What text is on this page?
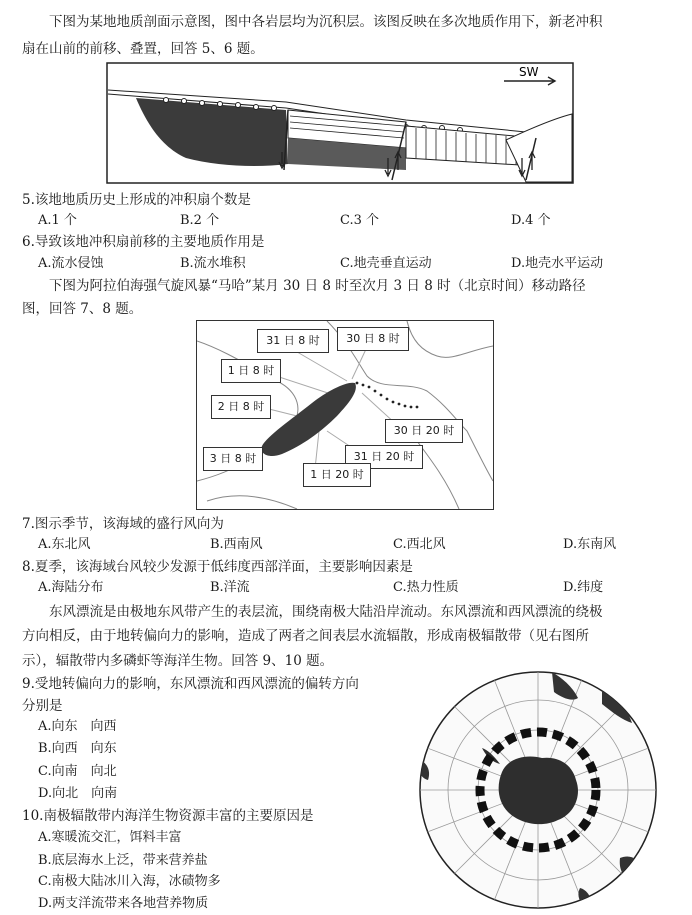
下图为某地地质剖面示意图，图中各岩层均为沉积层。该图反映在多次地质作用下，新老冲积
扇在山前的前移、叠置，回答 5、6 题。
SW
5.该地地质历史上形成的冲积扇个数是
A.1 个	B.2 个	C.3 个	D.4 个
6.导致该地冲积扇前移的主要地质作用是
A.流水侵蚀	B.流水堆积	C.地壳垂直运动	D.地壳水平运动
下图为阿拉伯海强气旋风暴“马哈”某月 30 日 8 时至次月 3 日 8 时（北京时间）移动路径
图，回答 7、8 题。
31 日 8 时	30 日 8 时
1 日 8 时
2 日 8 时
30 日 20 时
31 日 20 时
3 日 8 时
1 日 20 时
7.图示季节，该海域的盛行风向为
A.东北风	B.西南风	C.西北风	D.东南风
8.夏季，该海域台风较少发源于低纬度西部洋面，主要影响因素是
A.海陆分布	B.洋流	C.热力性质	D.纬度
东风漂流是由极地东风带产生的表层流，围绕南极大陆沿岸流动。东风漂流和西风漂流的绕极
方向相反，由于地转偏向力的影响，造成了两者之间表层水流辐散，形成南极辐散带（见右图所
示），辐散带内多磷虾等海洋生物。回答 9、10 题。
9.受地转偏向力的影响，东风漂流和西风漂流的偏转方向
分别是
A.向东　向西
B.向西　向东
C.向南　向北
D.向北　向南
10.南极辐散带内海洋生物资源丰富的主要原因是
A.寒暖流交汇，饵料丰富
B.底层海水上泛，带来营养盐
C.南极大陆冰川入海，冰碛物多
D.两支洋流带来各地营养物质
